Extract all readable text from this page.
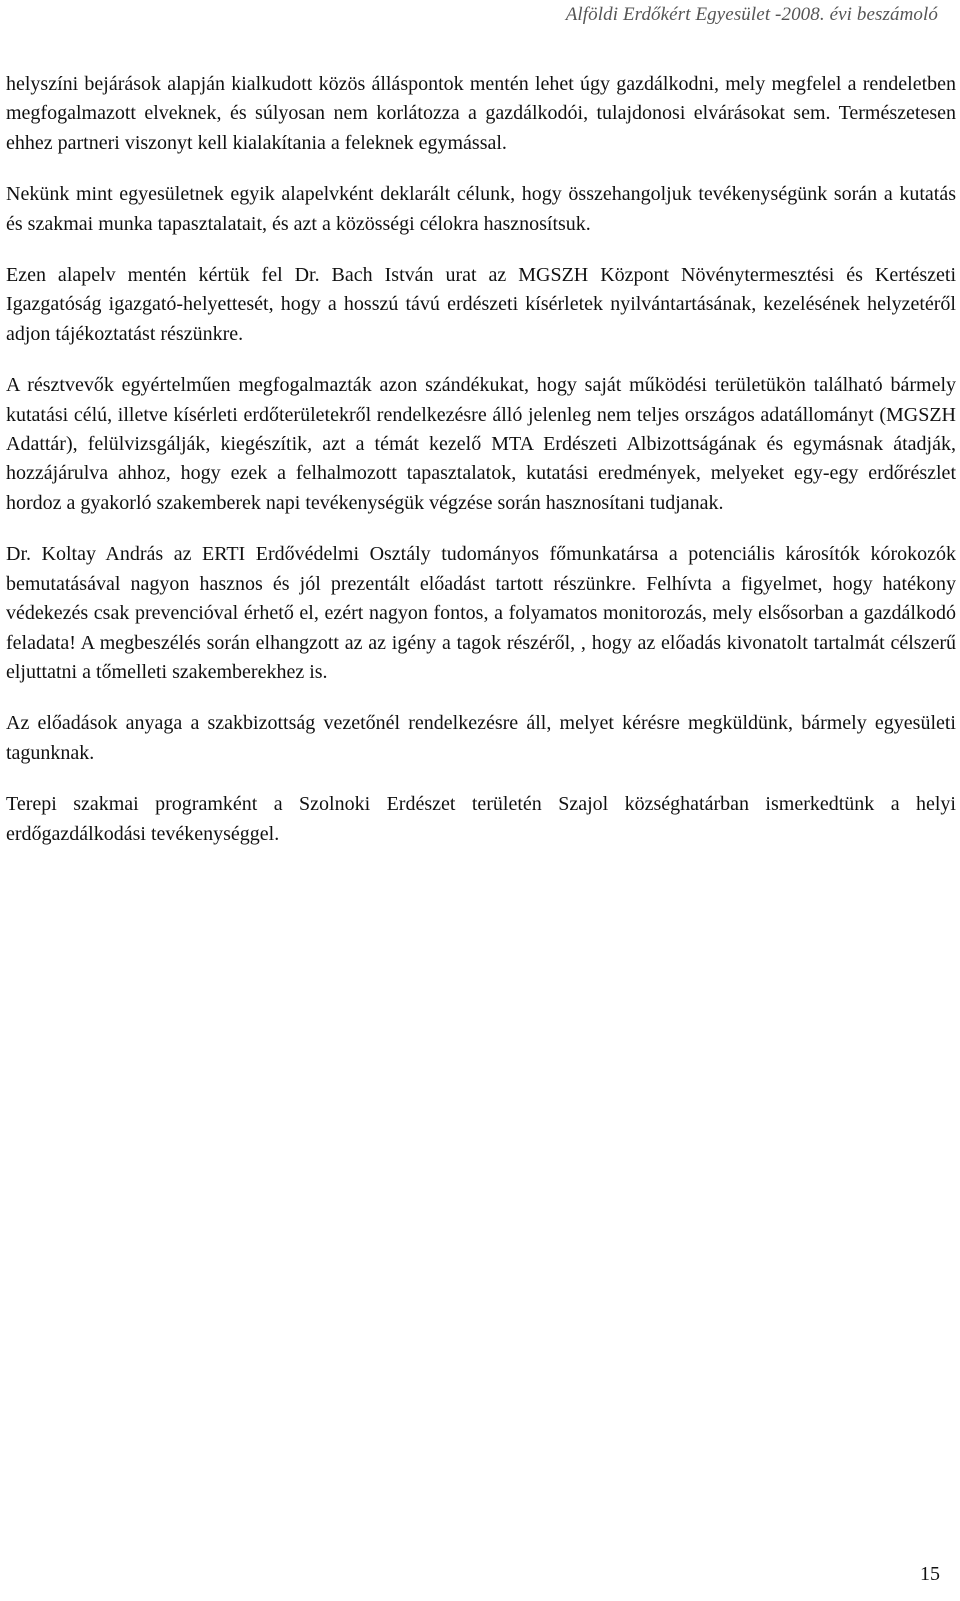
Alföldi Erdőkért Egyesület -2008. évi beszámoló

helyszíni bejárások alapján kialkudott közös álláspontok mentén lehet úgy gazdálkodni, mely megfelel a rendeletben megfogalmazott elveknek, és súlyosan nem korlátozza a gazdálkodói, tulajdonosi elvárásokat sem. Természetesen ehhez partneri viszonyt kell kialakítania a feleknek egymással.

Nekünk mint egyesületnek egyik alapelvként deklarált célunk, hogy összehangoljuk tevékenységünk során a kutatás és szakmai munka tapasztalatait, és azt a közösségi célokra hasznosítsuk.

Ezen alapelv mentén kértük fel Dr. Bach István urat az MGSZH Központ Növénytermesztési és Kertészeti Igazgatóság igazgató-helyettesét, hogy a hosszú távú erdészeti kísérletek nyilvántartásának, kezelésének helyzetéről adjon tájékoztatást részünkre.

A résztvevők egyértelműen megfogalmazták azon szándékukat, hogy saját működési területükön található bármely kutatási célú, illetve kísérleti erdőterületekről rendelkezésre álló jelenleg nem teljes országos adatállományt (MGSZH Adattár), felülvizsgálják, kiegészítik, azt a témát kezelő MTA Erdészeti Albizottságának és egymásnak átadják, hozzájárulva ahhoz, hogy ezek a felhalmozott tapasztalatok, kutatási eredmények, melyeket egy-egy erdőrészlet hordoz a gyakorló szakemberek napi tevékenységük végzése során hasznosítani tudjanak.

Dr. Koltay András az ERTI Erdővédelmi Osztály tudományos főmunkatársa a potenciális károsítók kórokozók bemutatásával nagyon hasznos és jól prezentált előadást tartott részünkre. Felhívta a figyelmet, hogy hatékony védekezés csak prevencióval érhető el, ezért nagyon fontos, a folyamatos monitorozás, mely elsősorban a gazdálkodó feladata! A megbeszélés során elhangzott az az igény a tagok részéről, , hogy az előadás kivonatolt tartalmát célszerű eljuttatni a tőmelleti szakemberekhez is.

Az előadások anyaga a szakbizottság vezetőnél rendelkezésre áll, melyet kérésre megküldünk, bármely egyesületi tagunknak.

Terepi szakmai programként a Szolnoki Erdészet területén Szajol községhatárban ismerkedtünk a helyi erdőgazdálkodási tevékenységgel.

15
